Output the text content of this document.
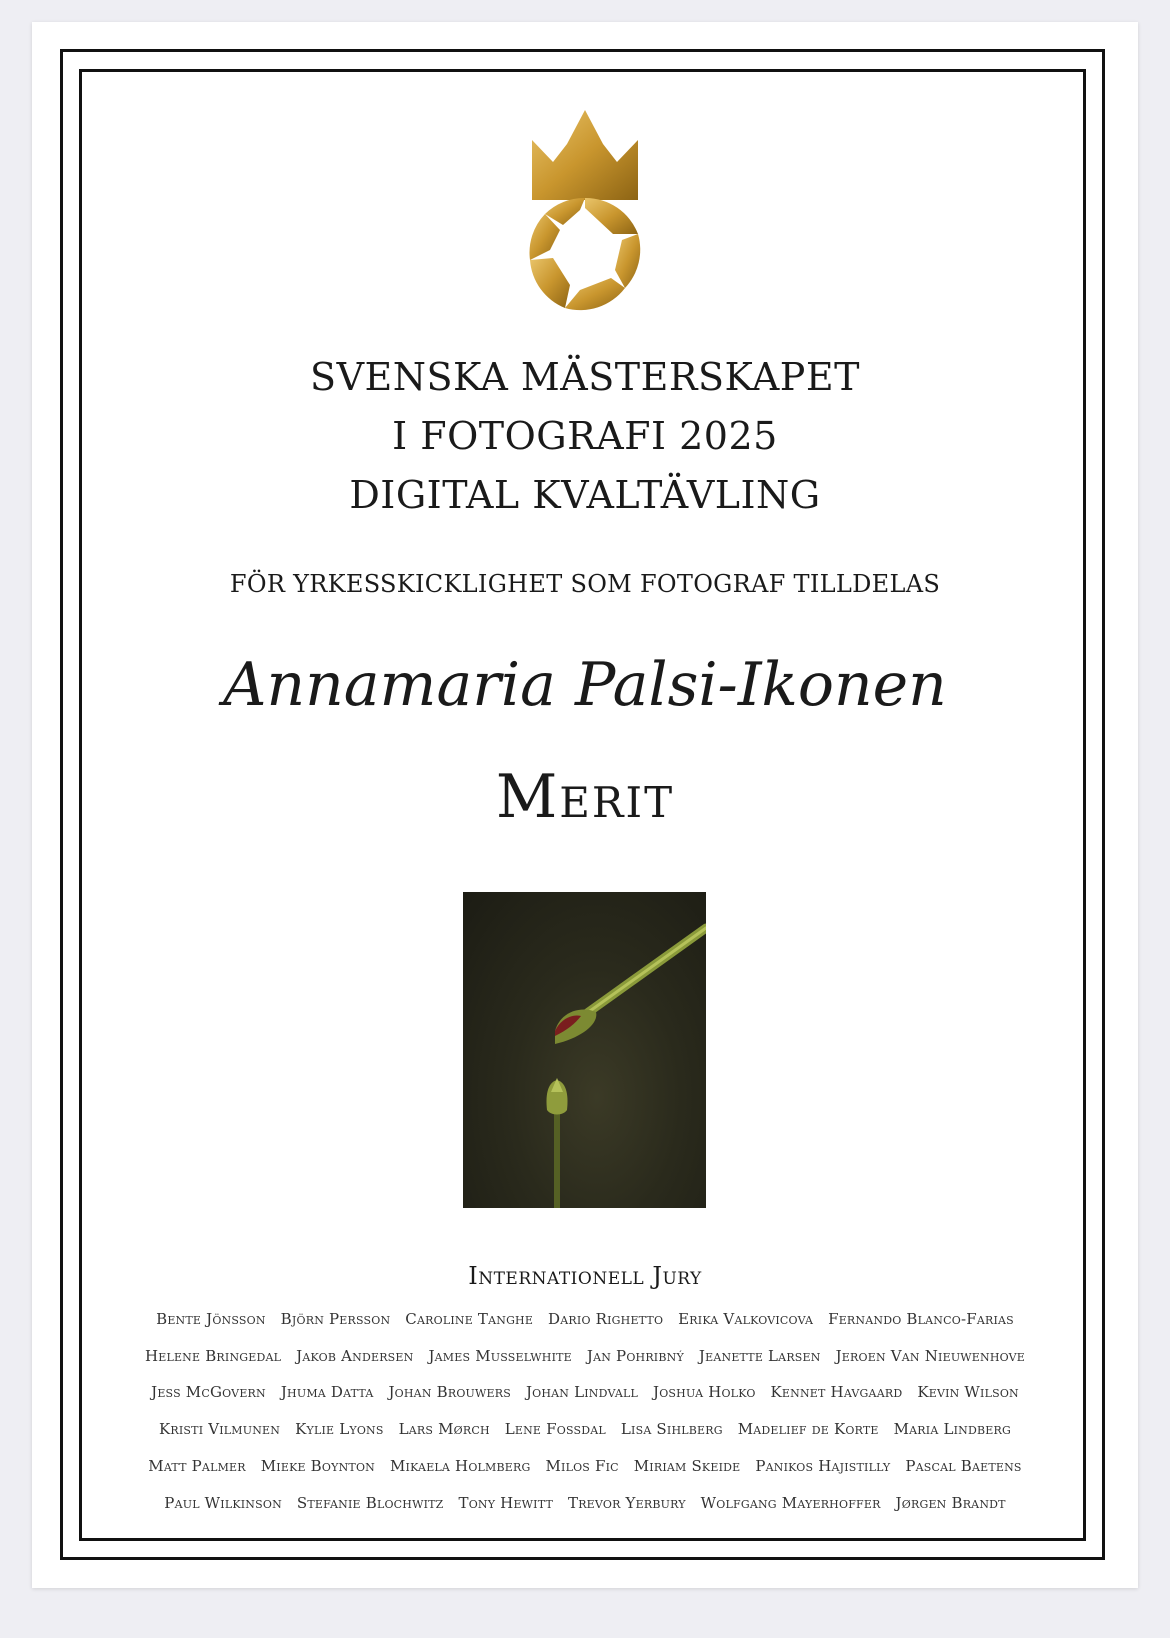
SVENSKA MÄSTERSKAPET
I FOTOGRAFI 2025
DIGITAL KVALTÄVLING
FÖR YRKESSKICKLIGHET SOM FOTOGRAF TILLDELAS
Annamaria Palsi-Ikonen
Merit
Internationell Jury
Bente Jönsson Björn Persson Caroline Tanghe Dario Righetto Erika Valkovicova Fernando Blanco-Farias
Helene Bringedal Jakob Andersen James Musselwhite Jan Pohribný Jeanette Larsen Jeroen Van Nieuwenhove
Jess McGovern Jhuma Datta Johan Brouwers Johan Lindvall Joshua Holko Kennet Havgaard Kevin Wilson
Kristi Vilmunen Kylie Lyons Lars Mørch Lene Fossdal Lisa Sihlberg Madelief de Korte Maria Lindberg
Matt Palmer Mieke Boynton Mikaela Holmberg Milos Fic Miriam Skeide Panikos Hajistilly Pascal Baetens
Paul Wilkinson Stefanie Blochwitz Tony Hewitt Trevor Yerbury Wolfgang Mayerhoffer Jørgen Brandt
